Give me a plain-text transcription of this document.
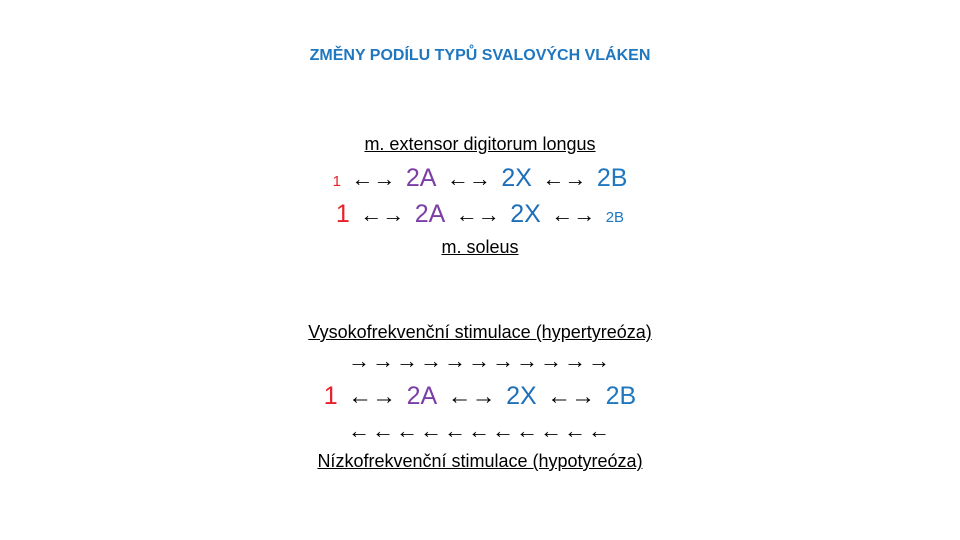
ZMĚNY PODÍLU TYPŮ SVALOVÝCH VLÁKEN
m. extensor digitorum longus
1 ←→ 2A ←→ 2X ←→ 2B
1 ←→ 2A ←→ 2X ←→ 2B
m. soleus
Vysokofrekvenční stimulace (hypertyreóza)
→→→→→→→→→→→
1 ←→ 2A ←→ 2X ←→ 2B
←←←←←←←←←←←
Nízkofrekvenční stimulace (hypotyreóza)
